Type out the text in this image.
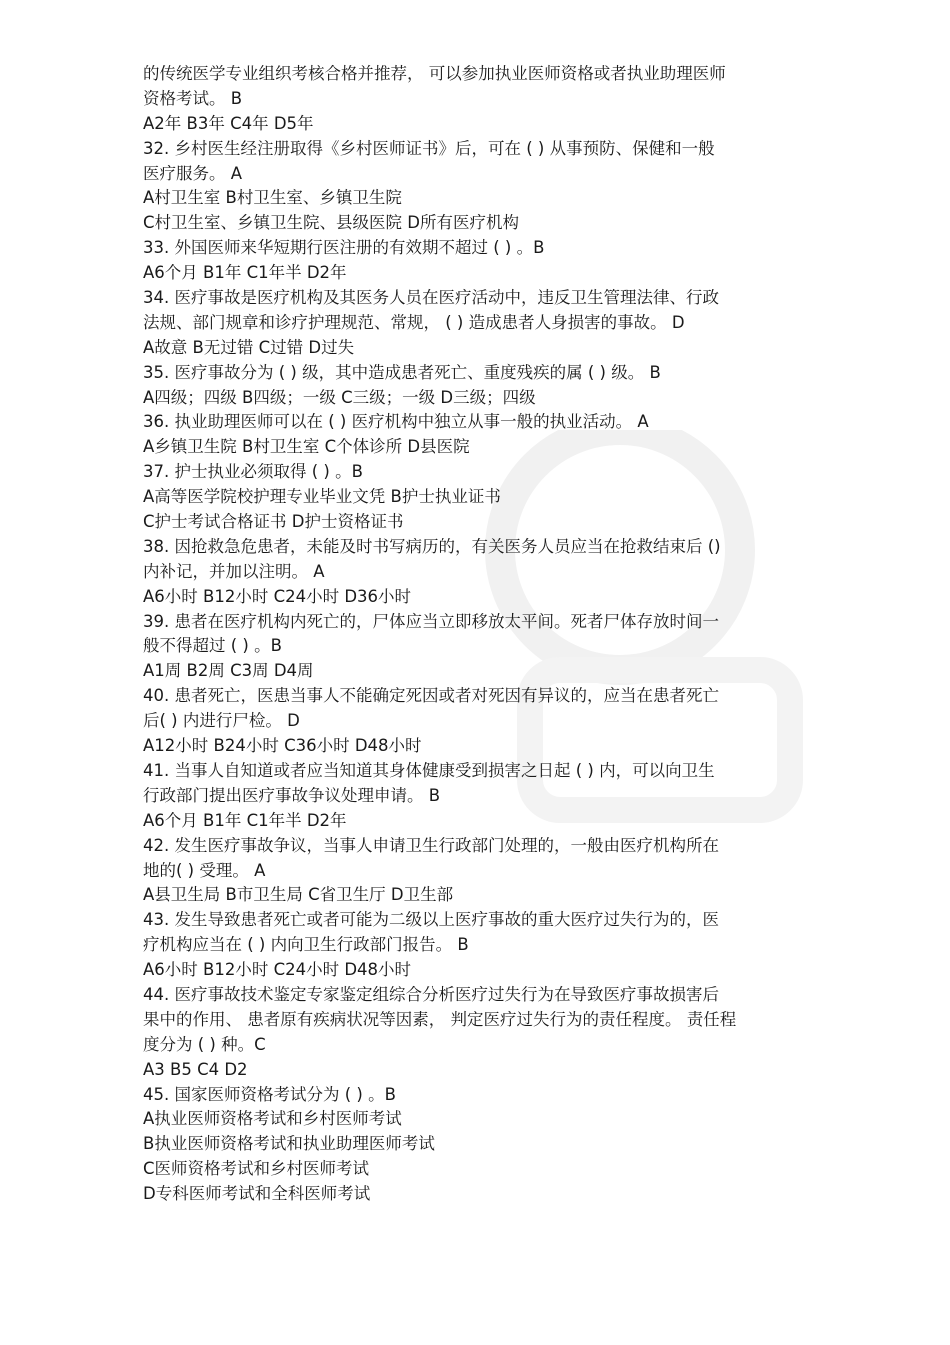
的传统医学专业组织考核合格并推荐， 可以参加执业医师资格或者执业助理医师
资格考试。 B
A2年 B3年 C4年 D5年
32. 乡村医生经注册取得《乡村医师证书》后，可在 ( ) 从事预防、保健和一般
医疗服务。 A
A村卫生室 B村卫生室、乡镇卫生院
C村卫生室、乡镇卫生院、县级医院 D所有医疗机构
33. 外国医师来华短期行医注册的有效期不超过 ( ) 。B
A6个月 B1年 C1年半 D2年
34. 医疗事故是医疗机构及其医务人员在医疗活动中，违反卫生管理法律、行政
法规、部门规章和诊疗护理规范、常规， ( ) 造成患者人身损害的事故。 D
A故意 B无过错 C过错 D过失
35. 医疗事故分为 ( ) 级，其中造成患者死亡、重度残疾的属 ( ) 级。 B
A四级；四级 B四级；一级 C三级；一级 D三级；四级
36. 执业助理医师可以在 ( ) 医疗机构中独立从事一般的执业活动。 A
A乡镇卫生院 B村卫生室 C个体诊所 D县医院
37. 护士执业必须取得 ( ) 。B
A高等医学院校护理专业毕业文凭 B护士执业证书
C护士考试合格证书 D护士资格证书
38. 因抢救急危患者，未能及时书写病历的，有关医务人员应当在抢救结束后 ()
内补记，并加以注明。 A
A6小时 B12小时 C24小时 D36小时
39. 患者在医疗机构内死亡的，尸体应当立即移放太平间。死者尸体存放时间一
般不得超过 ( ) 。B
A1周 B2周 C3周 D4周
40. 患者死亡，医患当事人不能确定死因或者对死因有异议的，应当在患者死亡
后( ) 内进行尸检。 D
A12小时 B24小时 C36小时 D48小时
41. 当事人自知道或者应当知道其身体健康受到损害之日起 ( ) 内，可以向卫生
行政部门提出医疗事故争议处理申请。 B
A6个月 B1年 C1年半 D2年
42. 发生医疗事故争议，当事人申请卫生行政部门处理的，一般由医疗机构所在
地的( ) 受理。 A
A县卫生局 B市卫生局 C省卫生厅 D卫生部
43. 发生导致患者死亡或者可能为二级以上医疗事故的重大医疗过失行为的，医
疗机构应当在 ( ) 内向卫生行政部门报告。 B
A6小时 B12小时 C24小时 D48小时
44. 医疗事故技术鉴定专家鉴定组综合分析医疗过失行为在导致医疗事故损害后
果中的作用、 患者原有疾病状况等因素， 判定医疗过失行为的责任程度。 责任程
度分为 ( ) 种。C
A3 B5 C4 D2
45. 国家医师资格考试分为 ( ) 。B
A执业医师资格考试和乡村医师考试
B执业医师资格考试和执业助理医师考试
C医师资格考试和乡村医师考试
D专科医师考试和全科医师考试
